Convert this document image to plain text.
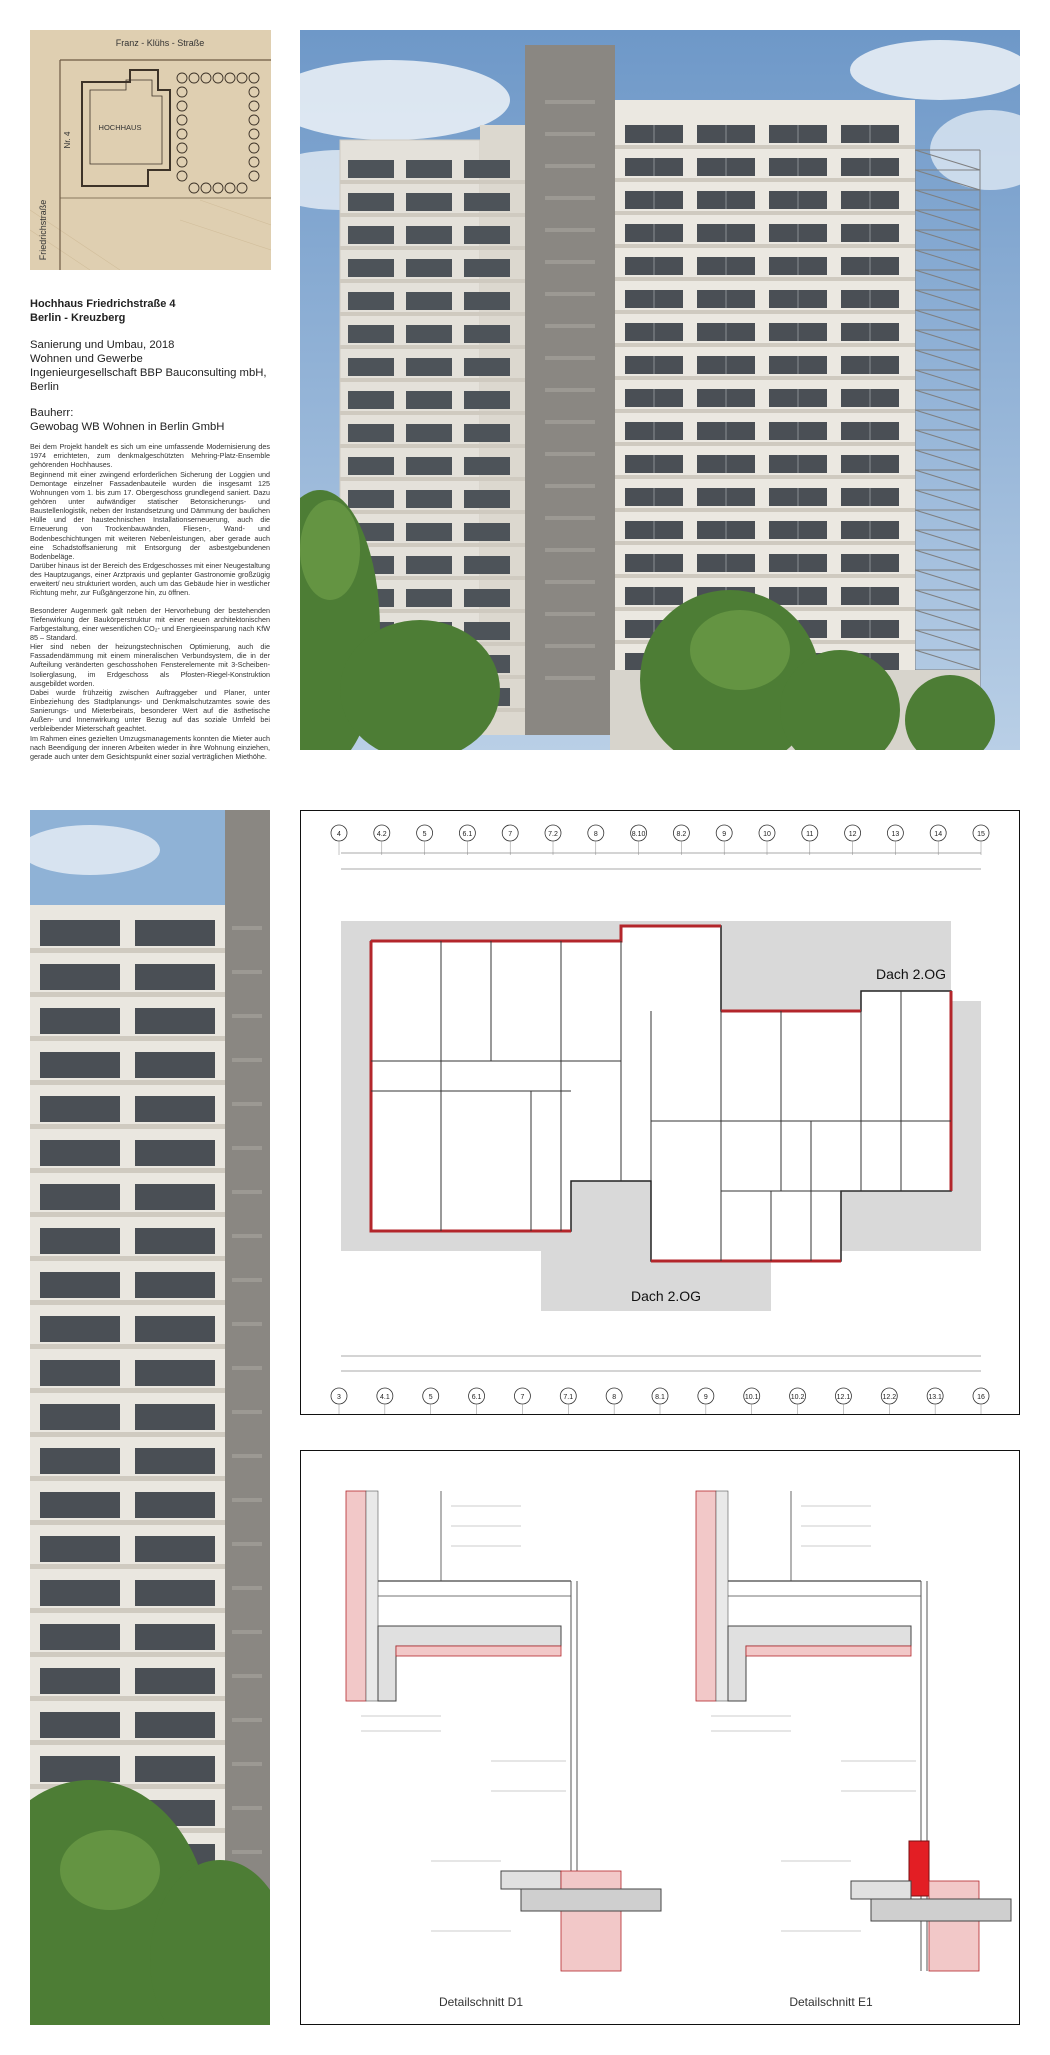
Franz - Klühs - Straße
Friedrichstraße
Nr. 4
HOCHHAUS
Hochhaus Friedrichstraße 4
Berlin - Kreuzberg
Sanierung und Umbau, 2018
Wohnen und Gewerbe
Ingenieurgesellschaft BBP Bauconsulting mbH,
Berlin
Bauherr:
Gewobag WB Wohnen in Berlin GmbH

Bei dem Projekt handelt es sich um eine umfassende Modernisierung des 1974 errichteten, zum denkmalgeschützten Mehring-Platz-Ensemble gehörenden Hochhauses.

Beginnend mit einer zwingend erforderlichen Sicherung der Loggien und Demontage einzelner Fassadenbauteile wurden die insgesamt 125 Wohnungen vom 1. bis zum 17. Obergeschoss grundlegend saniert. Dazu gehören unter aufwändiger statischer Betonsicherungs- und Baustellenlogistik, neben der Instandsetzung und Dämmung der baulichen Hülle und der haustechnischen Installationserneuerung, auch die Erneuerung von Trockenbauwänden, Fliesen-, Wand- und Bodenbeschichtungen mit weiteren Nebenleistungen, aber gerade auch eine Schadstoffsanierung mit Entsorgung der asbestgebundenen Bodenbeläge.

Darüber hinaus ist der Bereich des Erdgeschosses mit einer Neugestaltung des Hauptzugangs, einer Arztpraxis und geplanter Gastronomie großzügig erweitert/ neu strukturiert worden, auch um das Gebäude hier in westlicher Richtung mehr, zur Fußgängerzone hin, zu öffnen.

Besonderer Augenmerk galt neben der Hervorhebung der bestehenden Tiefenwirkung der Baukörperstruktur mit einer neuen architektonischen Farbgestaltung, einer wesentlichen CO₂- und Energieeinsparung nach KfW 85 – Standard.

Hier sind neben der heizungstechnischen Optimierung, auch die Fassadendämmung mit einem mineralischen Verbundsystem, die in der Aufteilung veränderten geschosshohen Fensterelemente mit 3-Scheiben-Isolierglasung, im Erdgeschoss als Pfosten-Riegel-Konstruktion ausgebildet worden.

Dabei wurde frühzeitig zwischen Auftraggeber und Planer, unter Einbeziehung des Stadtplanungs- und Denkmalschutzamtes sowie des Sanierungs- und Mieterbeirats, besonderer Wert auf die ästhetische Außen- und Innenwirkung unter Bezug auf das soziale Umfeld bei verbleibender Mieterschaft geachtet.

Im Rahmen eines gezielten Umzugsmanagements konnten die Mieter auch nach Beendigung der inneren Arbeiten wieder in ihre Wohnung einziehen, gerade auch unter dem Gesichtspunkt einer sozial verträglichen Miethöhe.

4	4.2	5	6.1	7	7.2	8	8.10	8.2	9	10	11	12	13	14	15
3	4.1	5	6.1	7	7.1	8	8.1	9	10.1	10.2	12.1	12.2	13.1	16
Dach 2.OG
Dach 2.OG
Detailschnitt D1	Detailschnitt E1
